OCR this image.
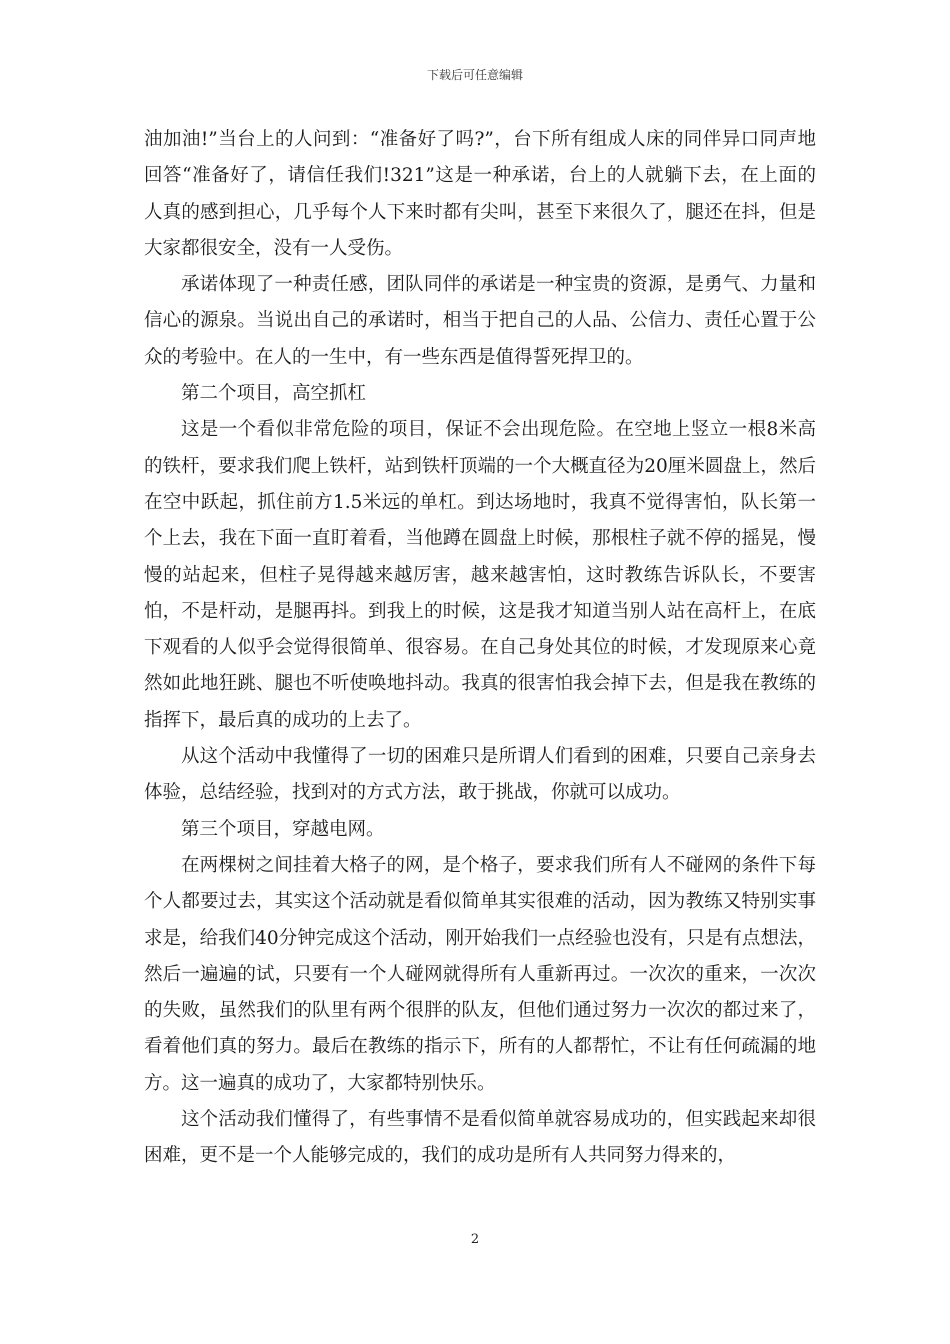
下载后可任意编辑

油加油!”当台上的人问到：“准备好了吗?”，台下所有组成人床的同伴异口同声地回答“准备好了，请信任我们!321”这是一种承诺，台上的人就躺下去，在上面的人真的感到担心，几乎每个人下来时都有尖叫，甚至下来很久了，腿还在抖，但是大家都很安全，没有一人受伤。

承诺体现了一种责任感，团队同伴的承诺是一种宝贵的资源，是勇气、力量和信心的源泉。当说出自己的承诺时，相当于把自己的人品、公信力、责任心置于公众的考验中。在人的一生中，有一些东西是值得誓死捍卫的。

第二个项目，高空抓杠

这是一个看似非常危险的项目，保证不会出现危险。在空地上竖立一根8米高的铁杆，要求我们爬上铁杆，站到铁杆顶端的一个大概直径为20厘米圆盘上，然后在空中跃起，抓住前方1.5米远的单杠。到达场地时，我真不觉得害怕，队长第一个上去，我在下面一直盯着看，当他蹲在圆盘上时候，那根柱子就不停的摇晃，慢慢的站起来，但柱子晃得越来越厉害，越来越害怕，这时教练告诉队长，不要害怕，不是杆动，是腿再抖。到我上的时候，这是我才知道当别人站在高杆上，在底下观看的人似乎会觉得很简单、很容易。在自己身处其位的时候，才发现原来心竟然如此地狂跳、腿也不听使唤地抖动。我真的很害怕我会掉下去，但是我在教练的指挥下，最后真的成功的上去了。

从这个活动中我懂得了一切的困难只是所谓人们看到的困难，只要自己亲身去体验，总结经验，找到对的方式方法，敢于挑战，你就可以成功。

第三个项目，穿越电网。

在两棵树之间挂着大格子的网，是个格子，要求我们所有人不碰网的条件下每个人都要过去，其实这个活动就是看似简单其实很难的活动，因为教练又特别实事求是，给我们40分钟完成这个活动，刚开始我们一点经验也没有，只是有点想法，然后一遍遍的试，只要有一个人碰网就得所有人重新再过。一次次的重来，一次次的失败，虽然我们的队里有两个很胖的队友，但他们通过努力一次次的都过来了，看着他们真的努力。最后在教练的指示下，所有的人都帮忙，不让有任何疏漏的地方。这一遍真的成功了，大家都特别快乐。

这个活动我们懂得了，有些事情不是看似简单就容易成功的，但实践起来却很困难，更不是一个人能够完成的，我们的成功是所有人共同努力得来的，

2
